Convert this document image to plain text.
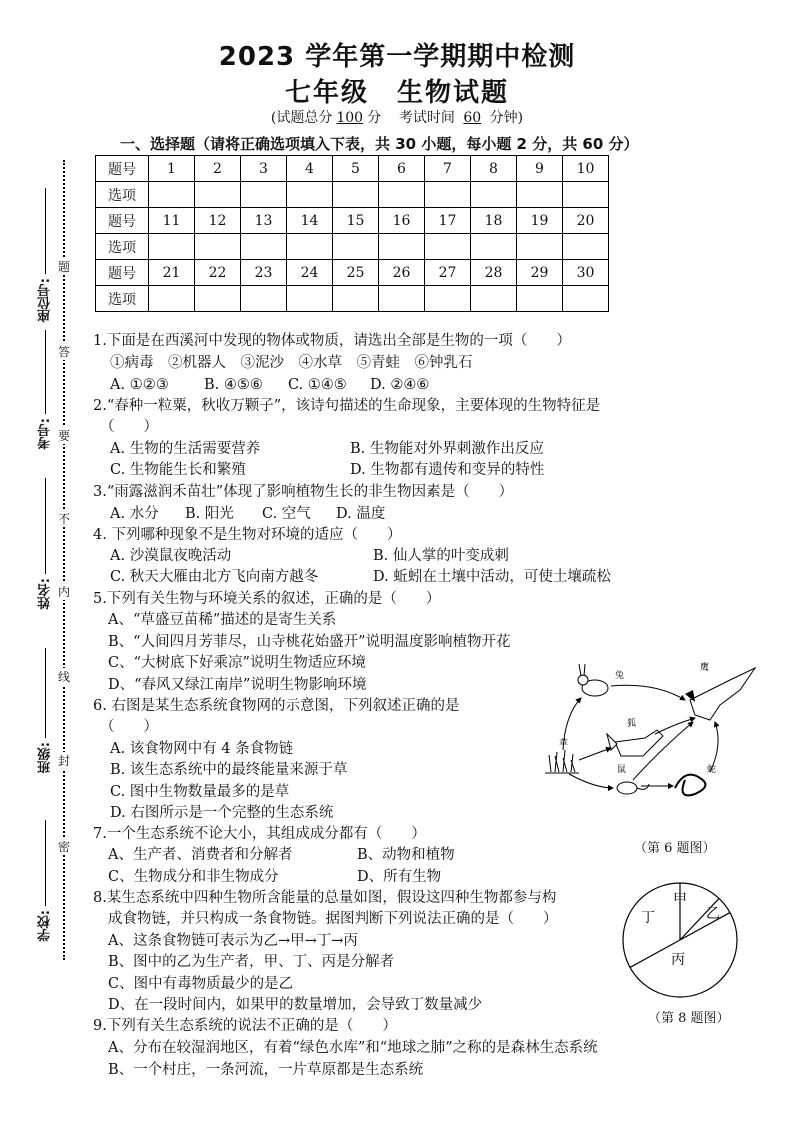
2023 学年第一学期期中检测
七年级　生物试题
(试题总分 100 分 考试时间 60 分钟)
一、选择题（请将正确选项填入下表，共 30 小题，每小题 2 分，共 60 分）
题号	1	2	3	4	5	6	7	8	9	10
选项										
题号	11	12	13	14	15	16	17	18	19	20
选项										
题号	21	22	23	24	25	26	27	28	29	30
选项										
密
封
线
内
不
要
答
题
学校:
班级:
姓名:
考号:
座位号:
1.下面是在西溪河中发现的物体或物质，请选出全部是生物的一项（　　）
①病毒　②机器人　③泥沙　④水草　⑤青蛙　⑥钟乳石
A. ①②③ B. ④⑤⑥ C. ①④⑤ D. ②④⑥
2.“春种一粒粟，秋收万颗子”，该诗句描述的生命现象，主要体现的生物特征是
（　　）
A. 生物的生活需要营养	B. 生物能对外界刺激作出反应
C. 生物能生长和繁殖	D. 生物都有遗传和变异的特性
3.“雨露滋润禾苗壮”体现了影响植物生长的非生物因素是（　　）
A. 水分 B. 阳光 C. 空气 D. 温度
4. 下列哪种现象不是生物对环境的适应（　　）
A. 沙漠鼠夜晚活动	B. 仙人掌的叶变成刺
C. 秋天大雁由北方飞向南方越冬	D. 蚯蚓在土壤中活动，可使土壤疏松
5.下列有关生物与环境关系的叙述，正确的是（　　）
A、“草盛豆苗稀”描述的是寄生关系
B、“人间四月芳菲尽，山寺桃花始盛开”说明温度影响植物开花
C、“大树底下好乘凉”说明生物适应环境
D、“春风又绿江南岸”说明生物影响环境
6. 右图是某生态系统食物网的示意图，下列叙述正确的是
（　　）
A. 该食物网中有 4 条食物链
B. 该生态系统中的最终能量来源于草
C. 图中生物数量最多的是草
D. 右图所示是一个完整的生态系统
7.一个生态系统不论大小，其组成成分都有（　　）
A、生产者、消费者和分解者	B、动物和植物
C、生物成分和非生物成分	D、所有生物
8.某生态系统中四种生物所含能量的总量如图，假设这四种生物都参与构
成食物链，并只构成一条食物链。据图判断下列说法正确的是（　　）
A、这条食物链可表示为乙→甲→丁→丙
B、图中的乙为生产者，甲、丁、丙是分解者
C、图中有毒物质最少的是乙
D、在一段时间内，如果甲的数量增加，会导致丁数量减少
9.下列有关生态系统的说法不正确的是（　　）
A、分布在较湿润地区，有着“绿色水库”和“地球之肺”之称的是森林生态系统
B、一个村庄，一条河流，一片草原都是生态系统
兔
鹰
狐
草
鼠	蛇
（第 6 题图）
甲
乙
丙
丁
（第 8 题图）
